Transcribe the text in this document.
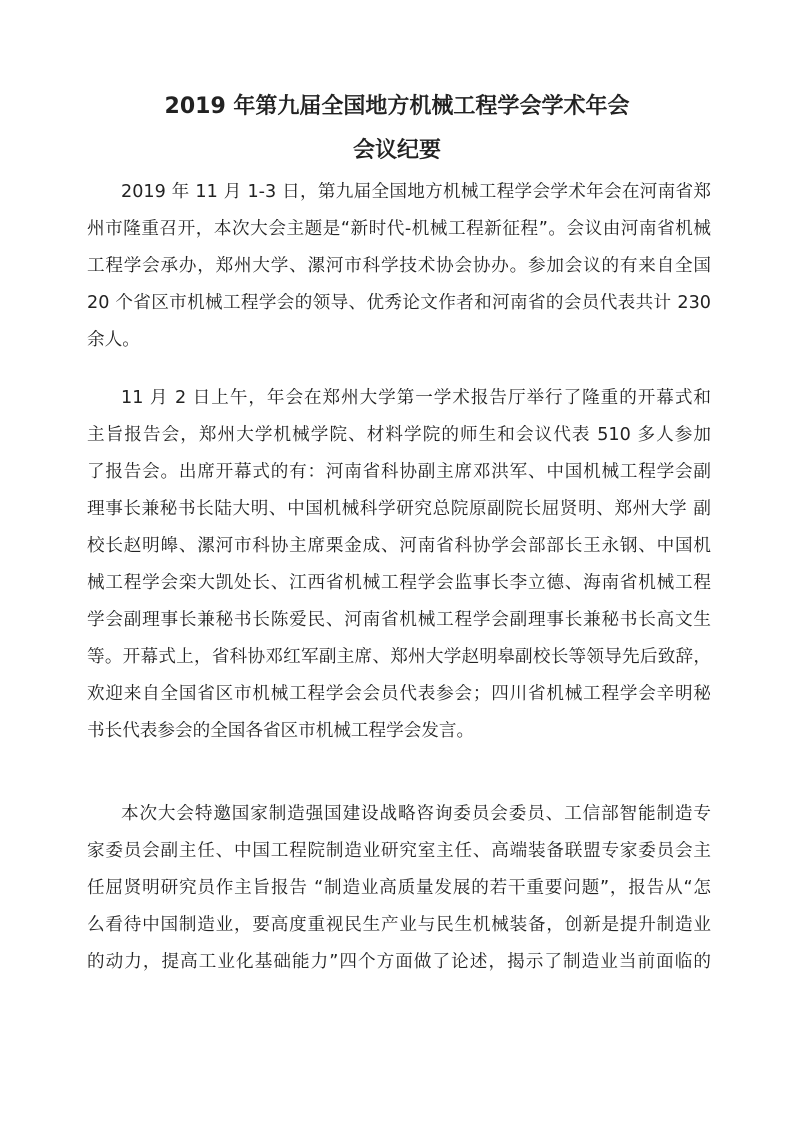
2019 年第九届全国地方机械工程学会学术年会
会议纪要
2019 年 11 月 1-3 日，第九届全国地方机械工程学会学术年会在河南省郑
州市隆重召开，本次大会主题是“新时代-机械工程新征程”。会议由河南省机械
工程学会承办，郑州大学、漯河市科学技术协会协办。参加会议的有来自全国
20 个省区市机械工程学会的领导、优秀论文作者和河南省的会员代表共计 230
余人。
11 月 2 日上午，年会在郑州大学第一学术报告厅举行了隆重的开幕式和
主旨报告会，郑州大学机械学院、材料学院的师生和会议代表 510 多人参加
了报告会。出席开幕式的有：河南省科协副主席邓洪军、中国机械工程学会副
理事长兼秘书长陆大明、中国机械科学研究总院原副院长屈贤明、郑州大学 副
校长赵明皞、漯河市科协主席栗金成、河南省科协学会部部长王永钢、中国机
械工程学会栾大凯处长、江西省机械工程学会监事长李立德、海南省机械工程
学会副理事长兼秘书长陈爱民、河南省机械工程学会副理事长兼秘书长高文生
等。开幕式上，省科协邓红军副主席、郑州大学赵明皋副校长等领导先后致辞，
欢迎来自全国省区市机械工程学会会员代表参会；四川省机械工程学会辛明秘
书长代表参会的全国各省区市机械工程学会发言。
本次大会特邀国家制造强国建设战略咨询委员会委员、工信部智能制造专
家委员会副主任、中国工程院制造业研究室主任、高端装备联盟专家委员会主
任屈贤明研究员作主旨报告 “制造业高质量发展的若干重要问题”，报告从“怎
么看待中国制造业，要高度重视民生产业与民生机械装备，创新是提升制造业
的动力，提高工业化基础能力”四个方面做了论述，揭示了制造业当前面临的
